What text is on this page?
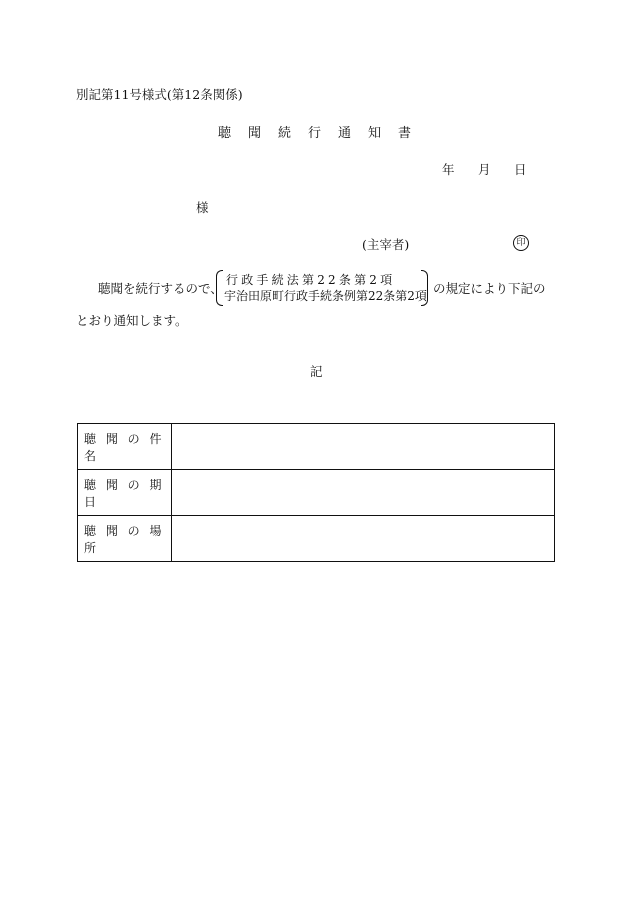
別記第11号様式(第12条関係)
聴 聞 続 行 通 知 書
年 月 日
様
(主宰者)	印
聴聞を続行するので、
行政手続法第22条第2項
宇治田原町行政手続条例第22条第2項 の規定により下記の
とおり通知します。
記
聴 聞 の 件 名	
聴 聞 の 期 日	
聴 聞 の 場 所	
